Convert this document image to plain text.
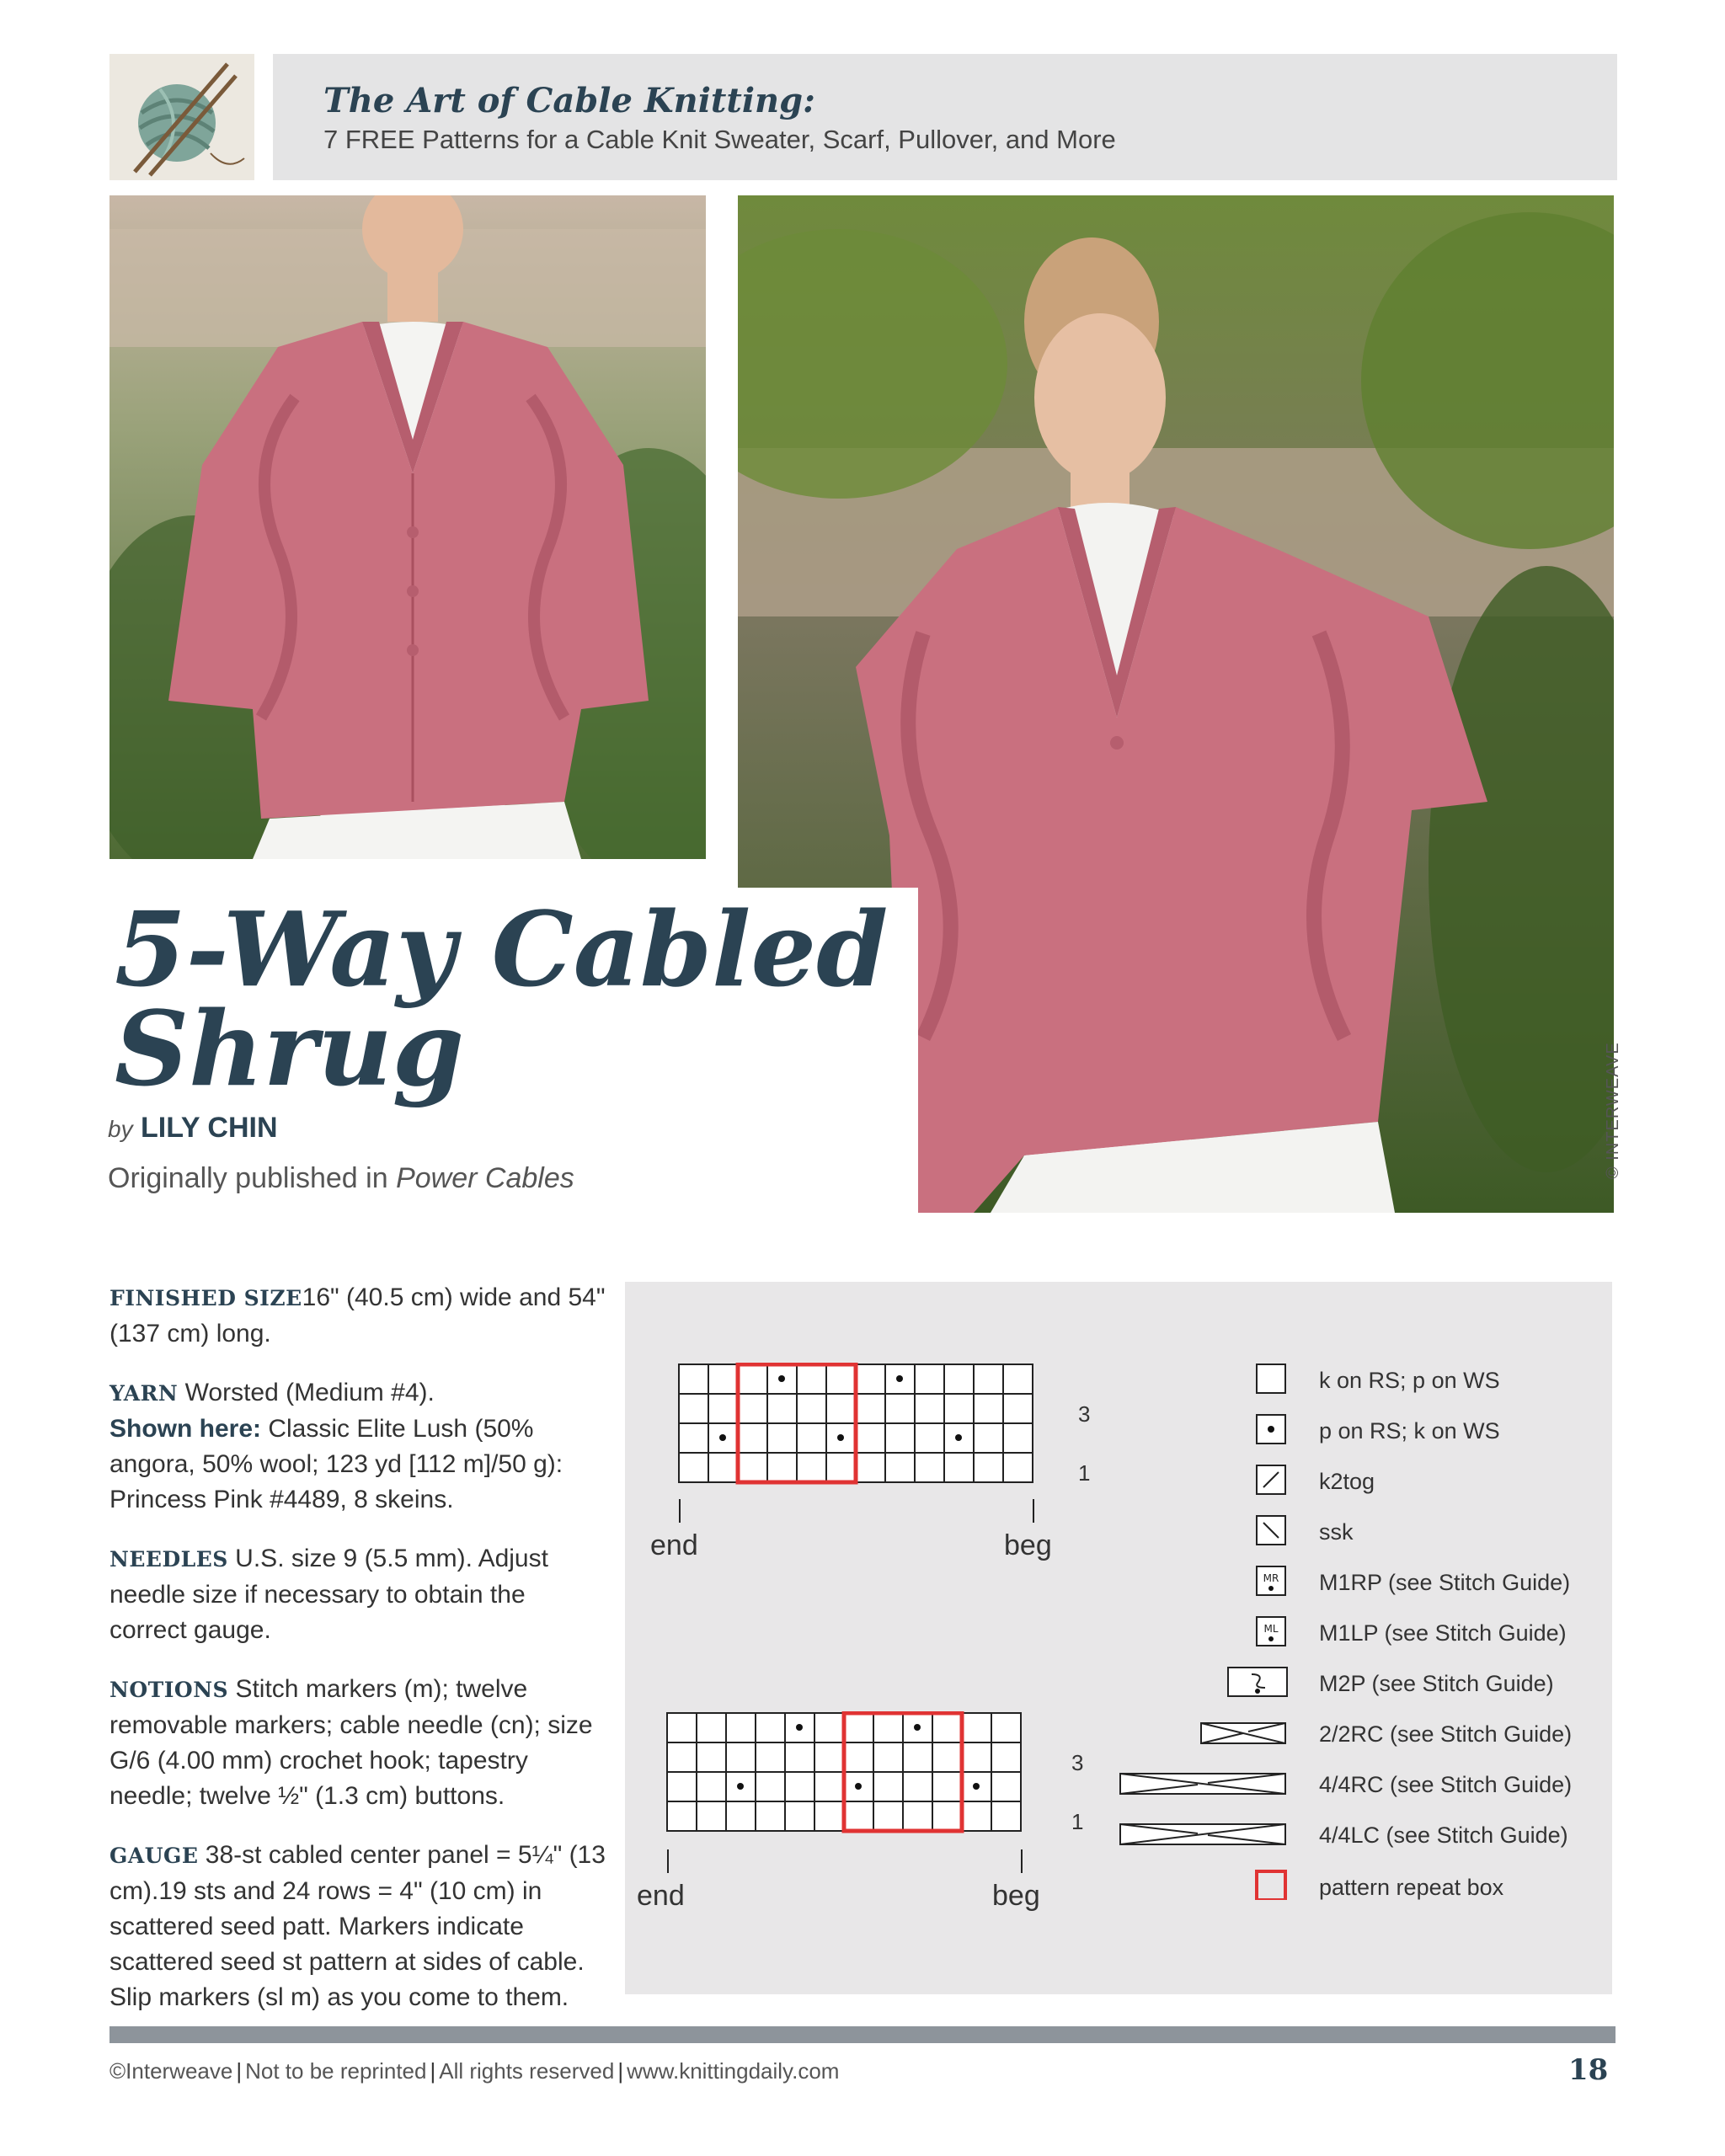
The Art of Cable Knitting:
7 FREE Patterns for a Cable Knit Sweater, Scarf, Pullover, and More
© INTERWEAVE
5-Way Cabled
Shrug
by LILY CHIN
Originally published in Power Cables

FINISHED SIZE16" (40.5 cm) wide and 54" (137 cm) long.

YARN Worsted (Medium #4).
Shown here: Classic Elite Lush (50% angora, 50% wool; 123 yd [112 m]/50 g): Princess Pink #4489, 8 skeins.

NEEDLES U.S. size 9 (5.5 mm). Adjust needle size if necessary to obtain the correct gauge.

NOTIONS Stitch markers (m); twelve removable markers; cable needle (cn); size G/6 (4.00 mm) crochet hook; tapestry needle; twelve ½" (1.3 cm) buttons.

GAUGE 38-st cabled center panel = 5¼" (13 cm).19 sts and 24 rows = 4" (10 cm) in scattered seed patt. Markers indicate scattered seed st pattern at sides of cable. Slip markers (sl m) as you come to them.

3
1
end	beg
3
1
end	beg
MR
ML
k on RS; p on WS
p on RS; k on WS
k2tog
ssk
M1RP (see Stitch Guide)
M1LP (see Stitch Guide)
M2P (see Stitch Guide)
2/2RC (see Stitch Guide)
4/4RC (see Stitch Guide)
4/4LC (see Stitch Guide)
pattern repeat box
©Interweave | Not to be reprinted | All rights reserved | www.knittingdaily.com	18
